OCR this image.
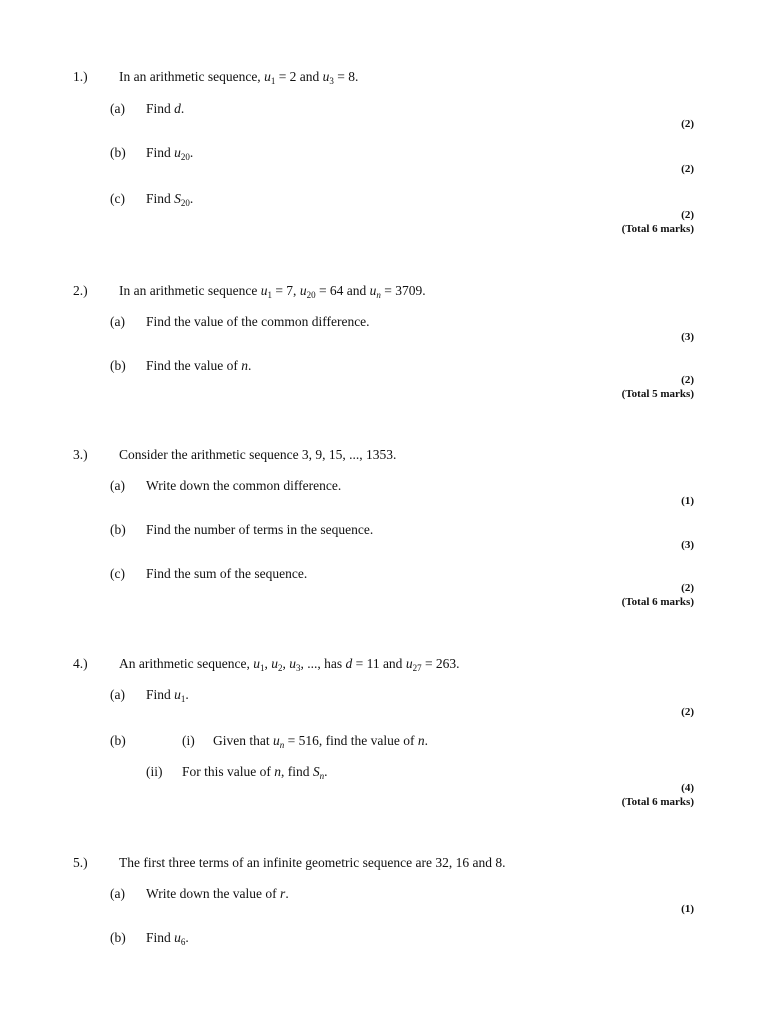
1.) In an arithmetic sequence, $u_1 = 2$ and $u_3 = 8$.
(a) Find d.
(2)
(b) Find $u_{20}$.
(2)
(c) Find $S_{20}$.
(2)
(Total 6 marks)
2.) In an arithmetic sequence $u_1 = 7$, $u_{20} = 64$ and $u_n = 3709$.
(a) Find the value of the common difference.
(3)
(b) Find the value of n.
(2)
(Total 5 marks)
3.) Consider the arithmetic sequence 3, 9, 15, ..., 1353.
(a) Write down the common difference.
(1)
(b) Find the number of terms in the sequence.
(3)
(c) Find the sum of the sequence.
(2)
(Total 6 marks)
4.) An arithmetic sequence, $u_1$, $u_2$, $u_3$, ..., has d = 11 and $u_{27} = 263$.
(a) Find $u_1$.
(2)
(b)	(i) Given that $u_n = 516$, find the value of n.
(ii) For this value of n, find $S_n$.
(4)
(Total 6 marks)
5.) The first three terms of an infinite geometric sequence are 32, 16 and 8.
(a) Write down the value of r.
(1)
(b) Find $u_6$.
